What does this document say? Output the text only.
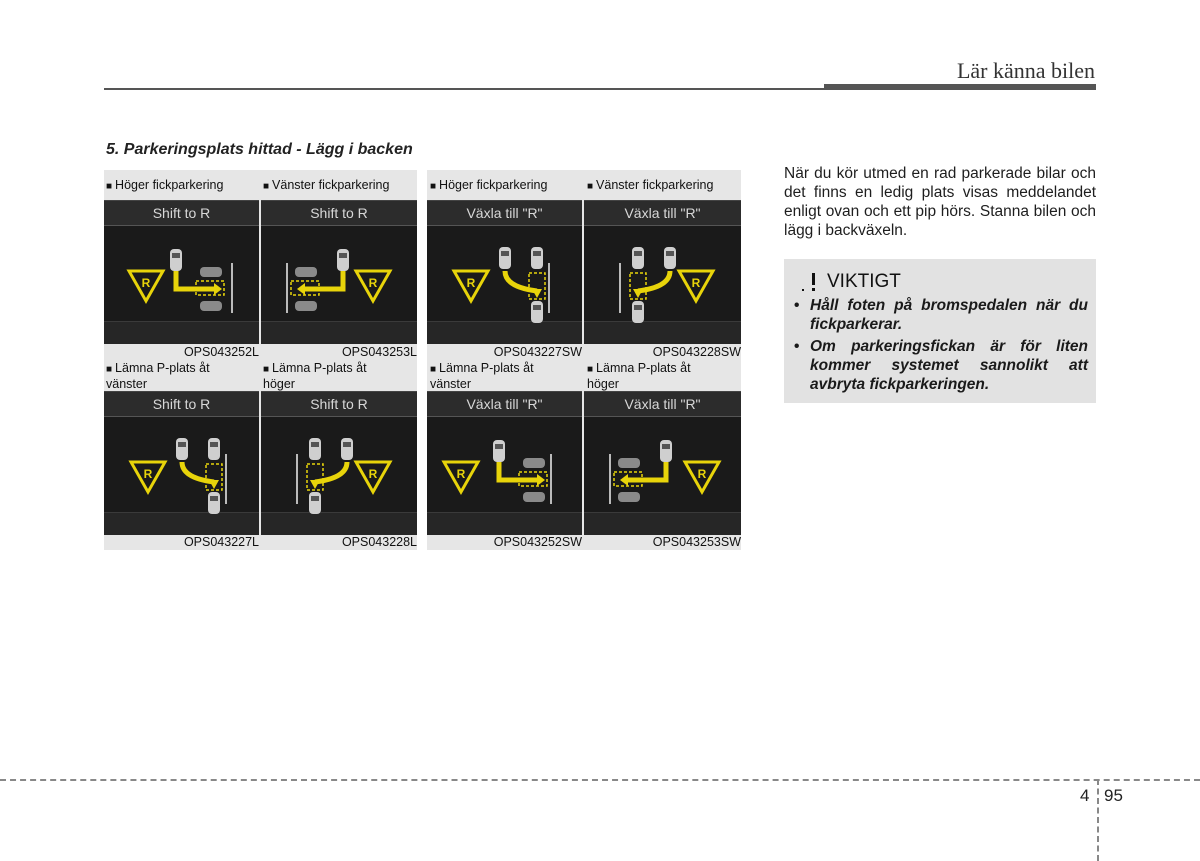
Lär känna bilen
5. Parkeringsplats hittad - Lägg i backen
■ Höger fickparkering	■ Vänster fickparkering	■ Höger fickparkering	■ Vänster fickparkering
Shift to R
R
Shift to R
R
Växla till "R"
R
Växla till "R"
R
OPS043252L	OPS043253L	OPS043227SW	OPS043228SW
■ Lämna P-plats åt vänster
■ Lämna P-plats åt höger
■ Lämna P-plats åt vänster
■ Lämna P-plats åt höger
Shift to R
R
Shift to R
R
Växla till "R"
R
Växla till "R"
R
OPS043227L	OPS043228L	OPS043252SW	OPS043253SW
När du kör utmed en rad parkerade bilar och det finns en ledig plats visas meddelandet enligt ovan och ett pip hörs. Stanna bilen och lägg i backväxeln.
VIKTIGT
• Håll foten på bromspedalen när du fickparkerar.
• Om parkeringsfickan är för liten kommer systemet sannolikt att avbryta fickparkeringen.
4 95
